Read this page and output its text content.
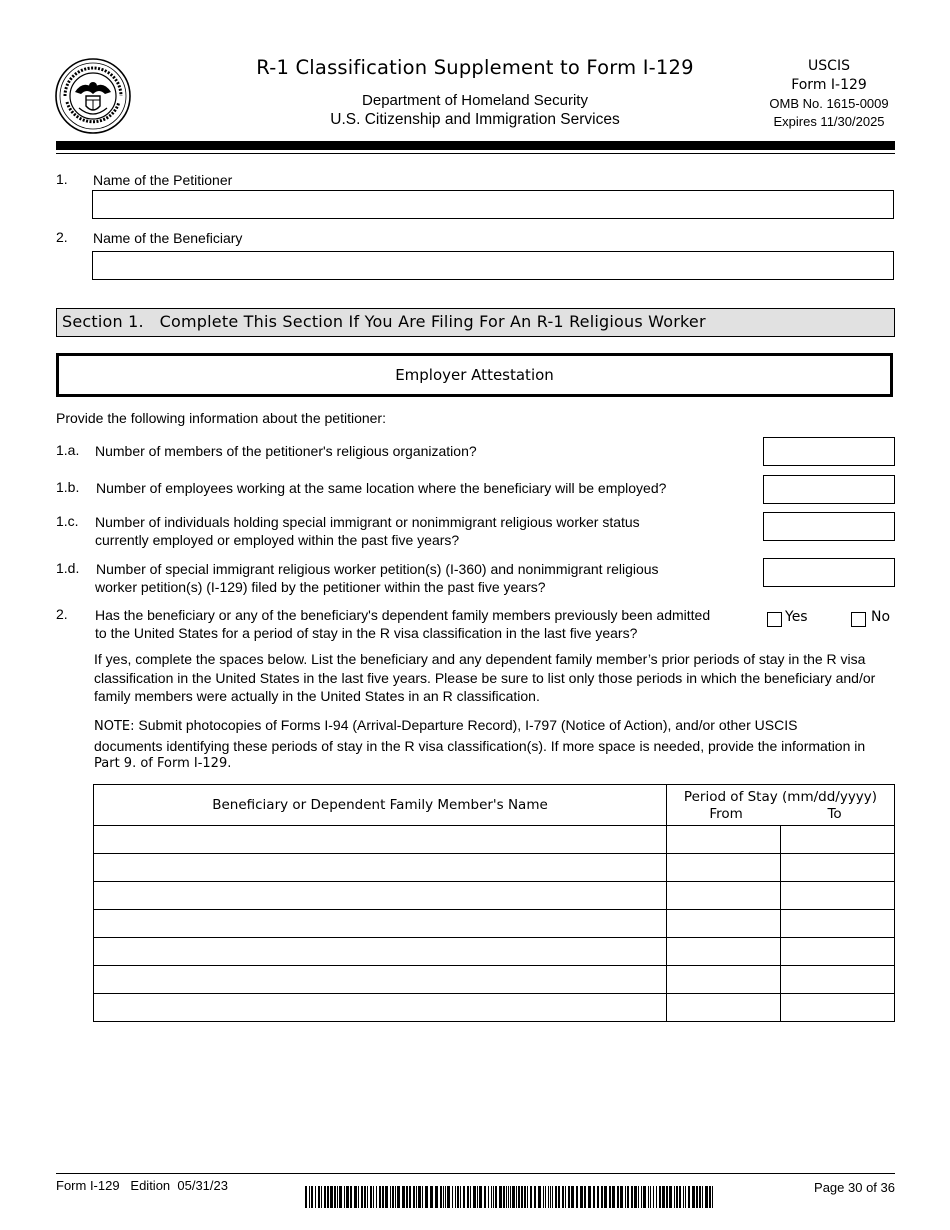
R-1 Classification Supplement to Form I-129
Department of Homeland Security
U.S. Citizenship and Immigration Services
USCIS
Form I-129
OMB No. 1615-0009
Expires 11/30/2025
1. Name of the Petitioner
2. Name of the Beneficiary
Section 1.   Complete This Section If You Are Filing For An R-1 Religious Worker
Employer Attestation
Provide the following information about the petitioner:
1.a. Number of members of the petitioner's religious organization?
1.b. Number of employees working at the same location where the beneficiary will be employed?
1.c. Number of individuals holding special immigrant or nonimmigrant religious worker status
currently employed or employed within the past five years?
1.d. Number of special immigrant religious worker petition(s) (I-360) and nonimmigrant religious
worker petition(s) (I-129) filed by the petitioner within the past five years?
2. Has the beneficiary or any of the beneficiary's dependent family members previously been admitted
to the United States for a period of stay in the R visa classification in the last five years?
Yes	No
If yes, complete the spaces below. List the beneficiary and any dependent family member’s prior periods of stay in the R visa
classification in the United States in the last five years. Please be sure to list only those periods in which the beneficiary and/or
family members were actually in the United States in an R classification.
NOTE: Submit photocopies of Forms I-94 (Arrival-Departure Record), I-797 (Notice of Action), and/or other USCIS
documents identifying these periods of stay in the R visa classification(s). If more space is needed, provide the information in
Part 9. of Form I-129.
Beneficiary or Dependent Family Member's Name	Period of Stay (mm/dd/yyyy)
From To	

Form I-129   Edition  05/31/23	Page 30 of 36
